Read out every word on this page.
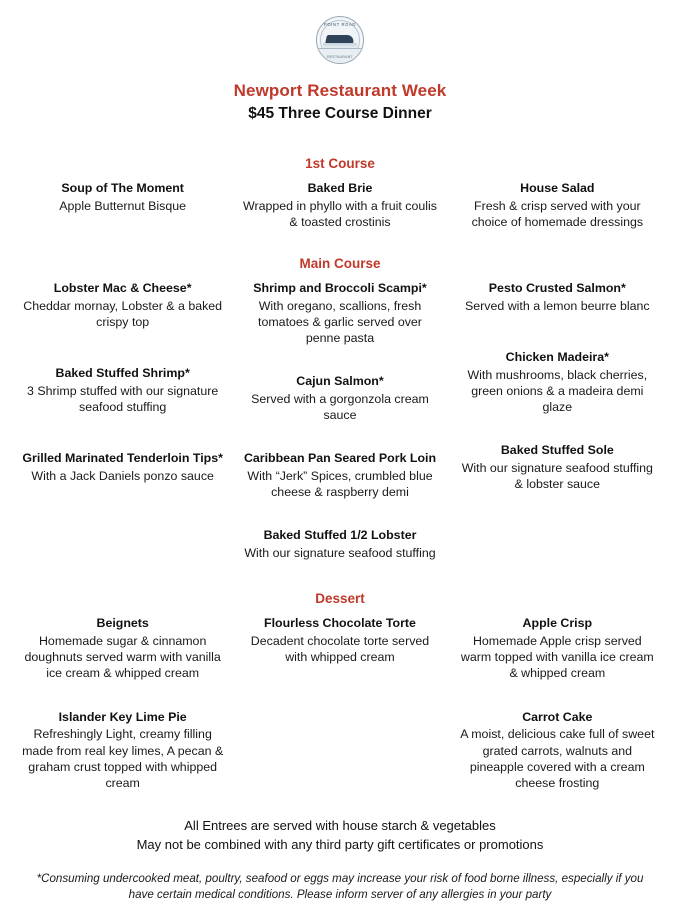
POINT ROAD
RESTAURANT
Newport Restaurant Week
$45 Three Course Dinner
1st Course
Soup of The Moment
Apple Butternut Bisque
Baked Brie
Wrapped in phyllo with a fruit coulis & toasted crostinis
House Salad
Fresh & crisp served with your choice of homemade dressings
Main Course
Lobster Mac & Cheese*
Cheddar mornay, Lobster & a baked crispy top
Baked Stuffed Shrimp*
3 Shrimp stuffed with our signature seafood stuffing
Grilled Marinated Tenderloin Tips*
With a Jack Daniels ponzo sauce
Shrimp and Broccoli Scampi*
With oregano, scallions, fresh tomatoes & garlic served over penne pasta
Cajun Salmon*
Served with a gorgonzola cream sauce
Caribbean Pan Seared Pork Loin
With “Jerk” Spices, crumbled blue cheese & raspberry demi
Baked Stuffed 1/2 Lobster
With our signature seafood stuffing
Pesto Crusted Salmon*
Served with a lemon beurre blanc
Chicken Madeira*
With mushrooms, black cherries, green onions & a madeira demi glaze
Baked Stuffed Sole
With our signature seafood stuffing & lobster sauce
Dessert
Beignets
Homemade sugar & cinnamon doughnuts served warm with vanilla ice cream & whipped cream
Islander Key Lime Pie
Refreshingly Light, creamy filling made from real key limes, A pecan & graham crust topped with whipped cream
Flourless Chocolate Torte
Decadent chocolate torte served with whipped cream
Apple Crisp
Homemade Apple crisp served warm topped with vanilla ice cream & whipped cream
Carrot Cake
A moist, delicious cake full of sweet grated carrots, walnuts and pineapple covered with a cream cheese frosting
All Entrees are served with house starch & vegetables
May not be combined with any third party gift certificates or promotions
*Consuming undercooked meat, poultry, seafood or eggs may increase your risk of food borne illness, especially if you have certain medical conditions. Please inform server of any allergies in your party
